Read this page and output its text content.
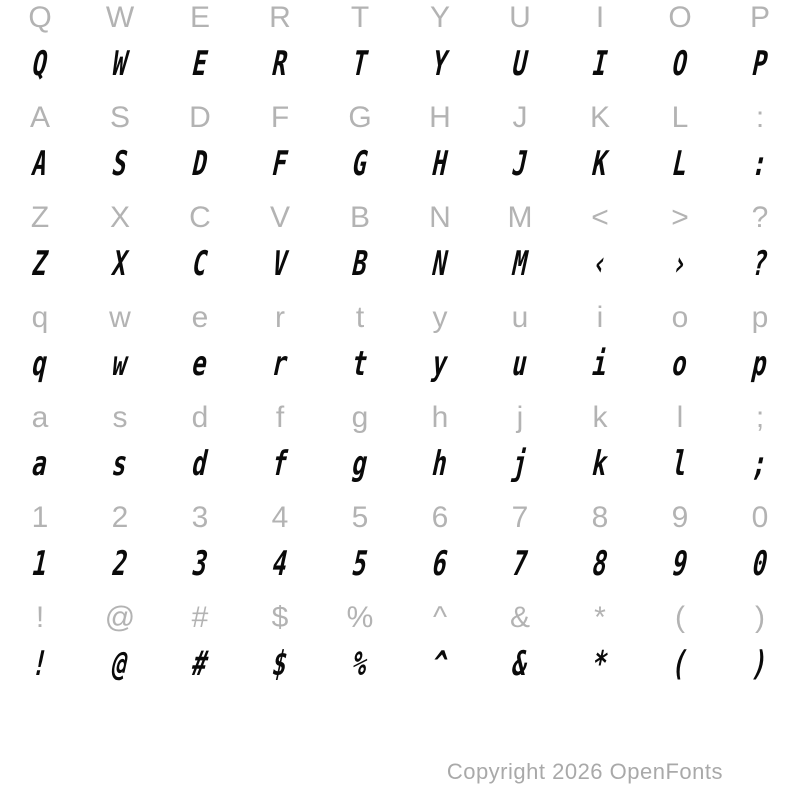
Q	W	E	R	T	Y	U	I	O	P
Q	W	E	R	T	Y	U	I	O	P
A	S	D	F	G	H	J	K	L	:
A	S	D	F	G	H	J	K	L	:
Z	X	C	V	B	N	M	<	>	?
Z	X	C	V	B	N	M	‹	›	?
q	w	e	r	t	y	u	i	o	p
q	w	e	r	t	y	u	i	o	p
a	s	d	f	g	h	j	k	l	;
a	s	d	f	g	h	j	k	l	;
1	2	3	4	5	6	7	8	9	0
1	2	3	4	5	6	7	8	9	0
!	@	#	$	%	^	&	*	(	)
!	@	#	$	%	^	&	*	(	)
Copyright 2026 OpenFonts
